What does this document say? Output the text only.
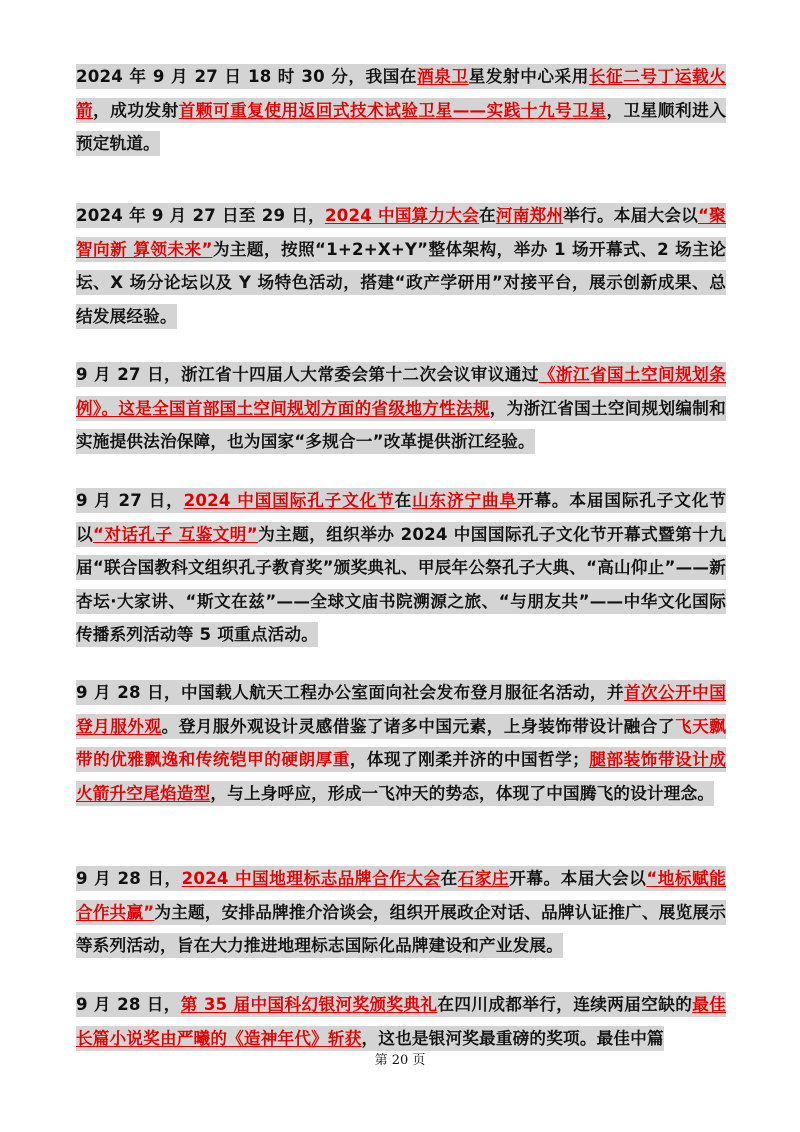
2024 年 9 月 27 日 18 时 30 分，我国在酒泉卫星发射中心采用长征二号丁运载火箭，成功发射首颗可重复使用返回式技术试验卫星——实践十九号卫星，卫星顺利进入预定轨道。

2024 年 9 月 27 日至 29 日，2024 中国算力大会在河南郑州举行。本届大会以“聚智向新 算领未来”为主题，按照“1+2+X+Y”整体架构，举办 1 场开幕式、2 场主论坛、X 场分论坛以及 Y 场特色活动，搭建“政产学研用”对接平台，展示创新成果、总结发展经验。

9 月 27 日，浙江省十四届人大常委会第十二次会议审议通过《浙江省国土空间规划条例》。这是全国首部国土空间规划方面的省级地方性法规，为浙江省国土空间规划编制和实施提供法治保障，也为国家“多规合一”改革提供浙江经验。

9 月 27 日，2024 中国国际孔子文化节在山东济宁曲阜开幕。本届国际孔子文化节以“对话孔子 互鉴文明”为主题，组织举办 2024 中国国际孔子文化节开幕式暨第十九届“联合国教科文组织孔子教育奖”颁奖典礼、甲辰年公祭孔子大典、“高山仰止”——新杏坛·大家讲、“斯文在兹”——全球文庙书院溯源之旅、“与朋友共”——中华文化国际传播系列活动等 5 项重点活动。

9 月 28 日，中国载人航天工程办公室面向社会发布登月服征名活动，并首次公开中国登月服外观。登月服外观设计灵感借鉴了诸多中国元素，上身装饰带设计融合了飞天飘带的优雅飘逸和传统铠甲的硬朗厚重，体现了刚柔并济的中国哲学；腿部装饰带设计成火箭升空尾焰造型，与上身呼应，形成一飞冲天的势态，体现了中国腾飞的设计理念。

9 月 28 日，2024 中国地理标志品牌合作大会在石家庄开幕。本届大会以“地标赋能 合作共赢”为主题，安排品牌推介洽谈会，组织开展政企对话、品牌认证推广、展览展示等系列活动，旨在大力推进地理标志国际化品牌建设和产业发展。

9 月 28 日，第 35 届中国科幻银河奖颁奖典礼在四川成都举行，连续两届空缺的最佳长篇小说奖由严曦的《造神年代》斩获，这也是银河奖最重磅的奖项。最佳中篇

第 20 页
